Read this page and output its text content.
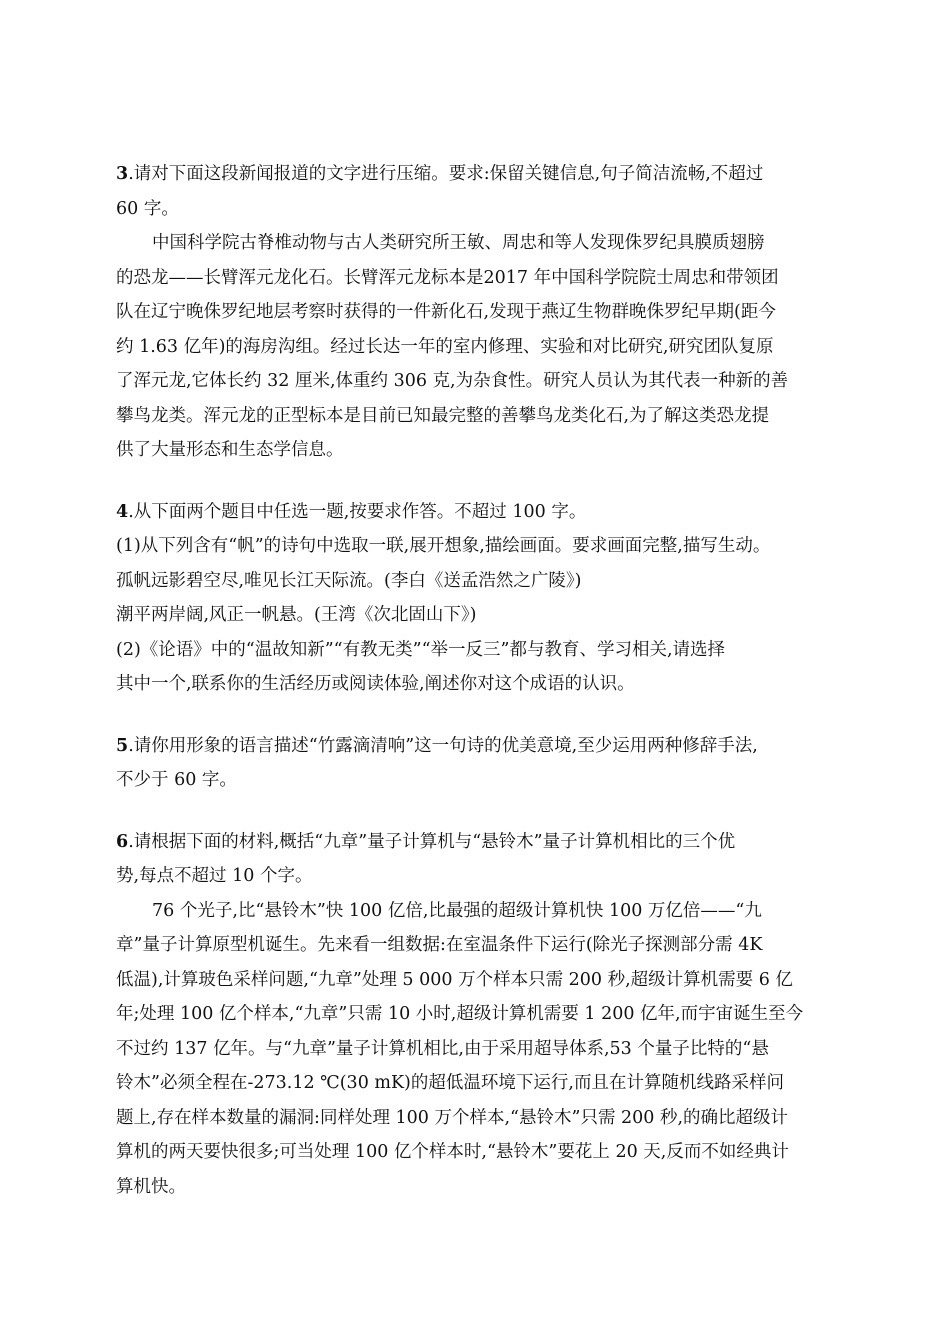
3.请对下面这段新闻报道的文字进行压缩。要求:保留关键信息,句子简洁流畅,不超过
60 字。
中国科学院古脊椎动物与古人类研究所王敏、周忠和等人发现侏罗纪具膜质翅膀
的恐龙——长臂浑元龙化石。长臂浑元龙标本是2017 年中国科学院院士周忠和带领团
队在辽宁晚侏罗纪地层考察时获得的一件新化石,发现于燕辽生物群晚侏罗纪早期(距今
约 1.63 亿年)的海房沟组。经过长达一年的室内修理、实验和对比研究,研究团队复原
了浑元龙,它体长约 32 厘米,体重约 306 克,为杂食性。研究人员认为其代表一种新的善
攀鸟龙类。浑元龙的正型标本是目前已知最完整的善攀鸟龙类化石,为了解这类恐龙提
供了大量形态和生态学信息。
4.从下面两个题目中任选一题,按要求作答。不超过 100 字。
(1)从下列含有“帆”的诗句中选取一联,展开想象,描绘画面。要求画面完整,描写生动。
孤帆远影碧空尽,唯见长江天际流。(李白《送孟浩然之广陵》)
潮平两岸阔,风正一帆悬。(王湾《次北固山下》)
(2)《论语》中的“温故知新”“有教无类”“举一反三”都与教育、学习相关,请选择
其中一个,联系你的生活经历或阅读体验,阐述你对这个成语的认识。
5.请你用形象的语言描述“竹露滴清响”这一句诗的优美意境,至少运用两种修辞手法,
不少于 60 字。
6.请根据下面的材料,概括“九章”量子计算机与“悬铃木”量子计算机相比的三个优
势,每点不超过 10 个字。
76 个光子,比“悬铃木”快 100 亿倍,比最强的超级计算机快 100 万亿倍——“九
章”量子计算原型机诞生。先来看一组数据:在室温条件下运行(除光子探测部分需 4K
低温),计算玻色采样问题,“九章”处理 5 000 万个样本只需 200 秒,超级计算机需要 6 亿
年;处理 100 亿个样本,“九章”只需 10 小时,超级计算机需要 1 200 亿年,而宇宙诞生至今
不过约 137 亿年。与“九章”量子计算机相比,由于采用超导体系,53 个量子比特的“悬
铃木”必须全程在-273.12 ℃(30 mK)的超低温环境下运行,而且在计算随机线路采样问
题上,存在样本数量的漏洞:同样处理 100 万个样本,“悬铃木”只需 200 秒,的确比超级计
算机的两天要快很多;可当处理 100 亿个样本时,“悬铃木”要花上 20 天,反而不如经典计
算机快。
